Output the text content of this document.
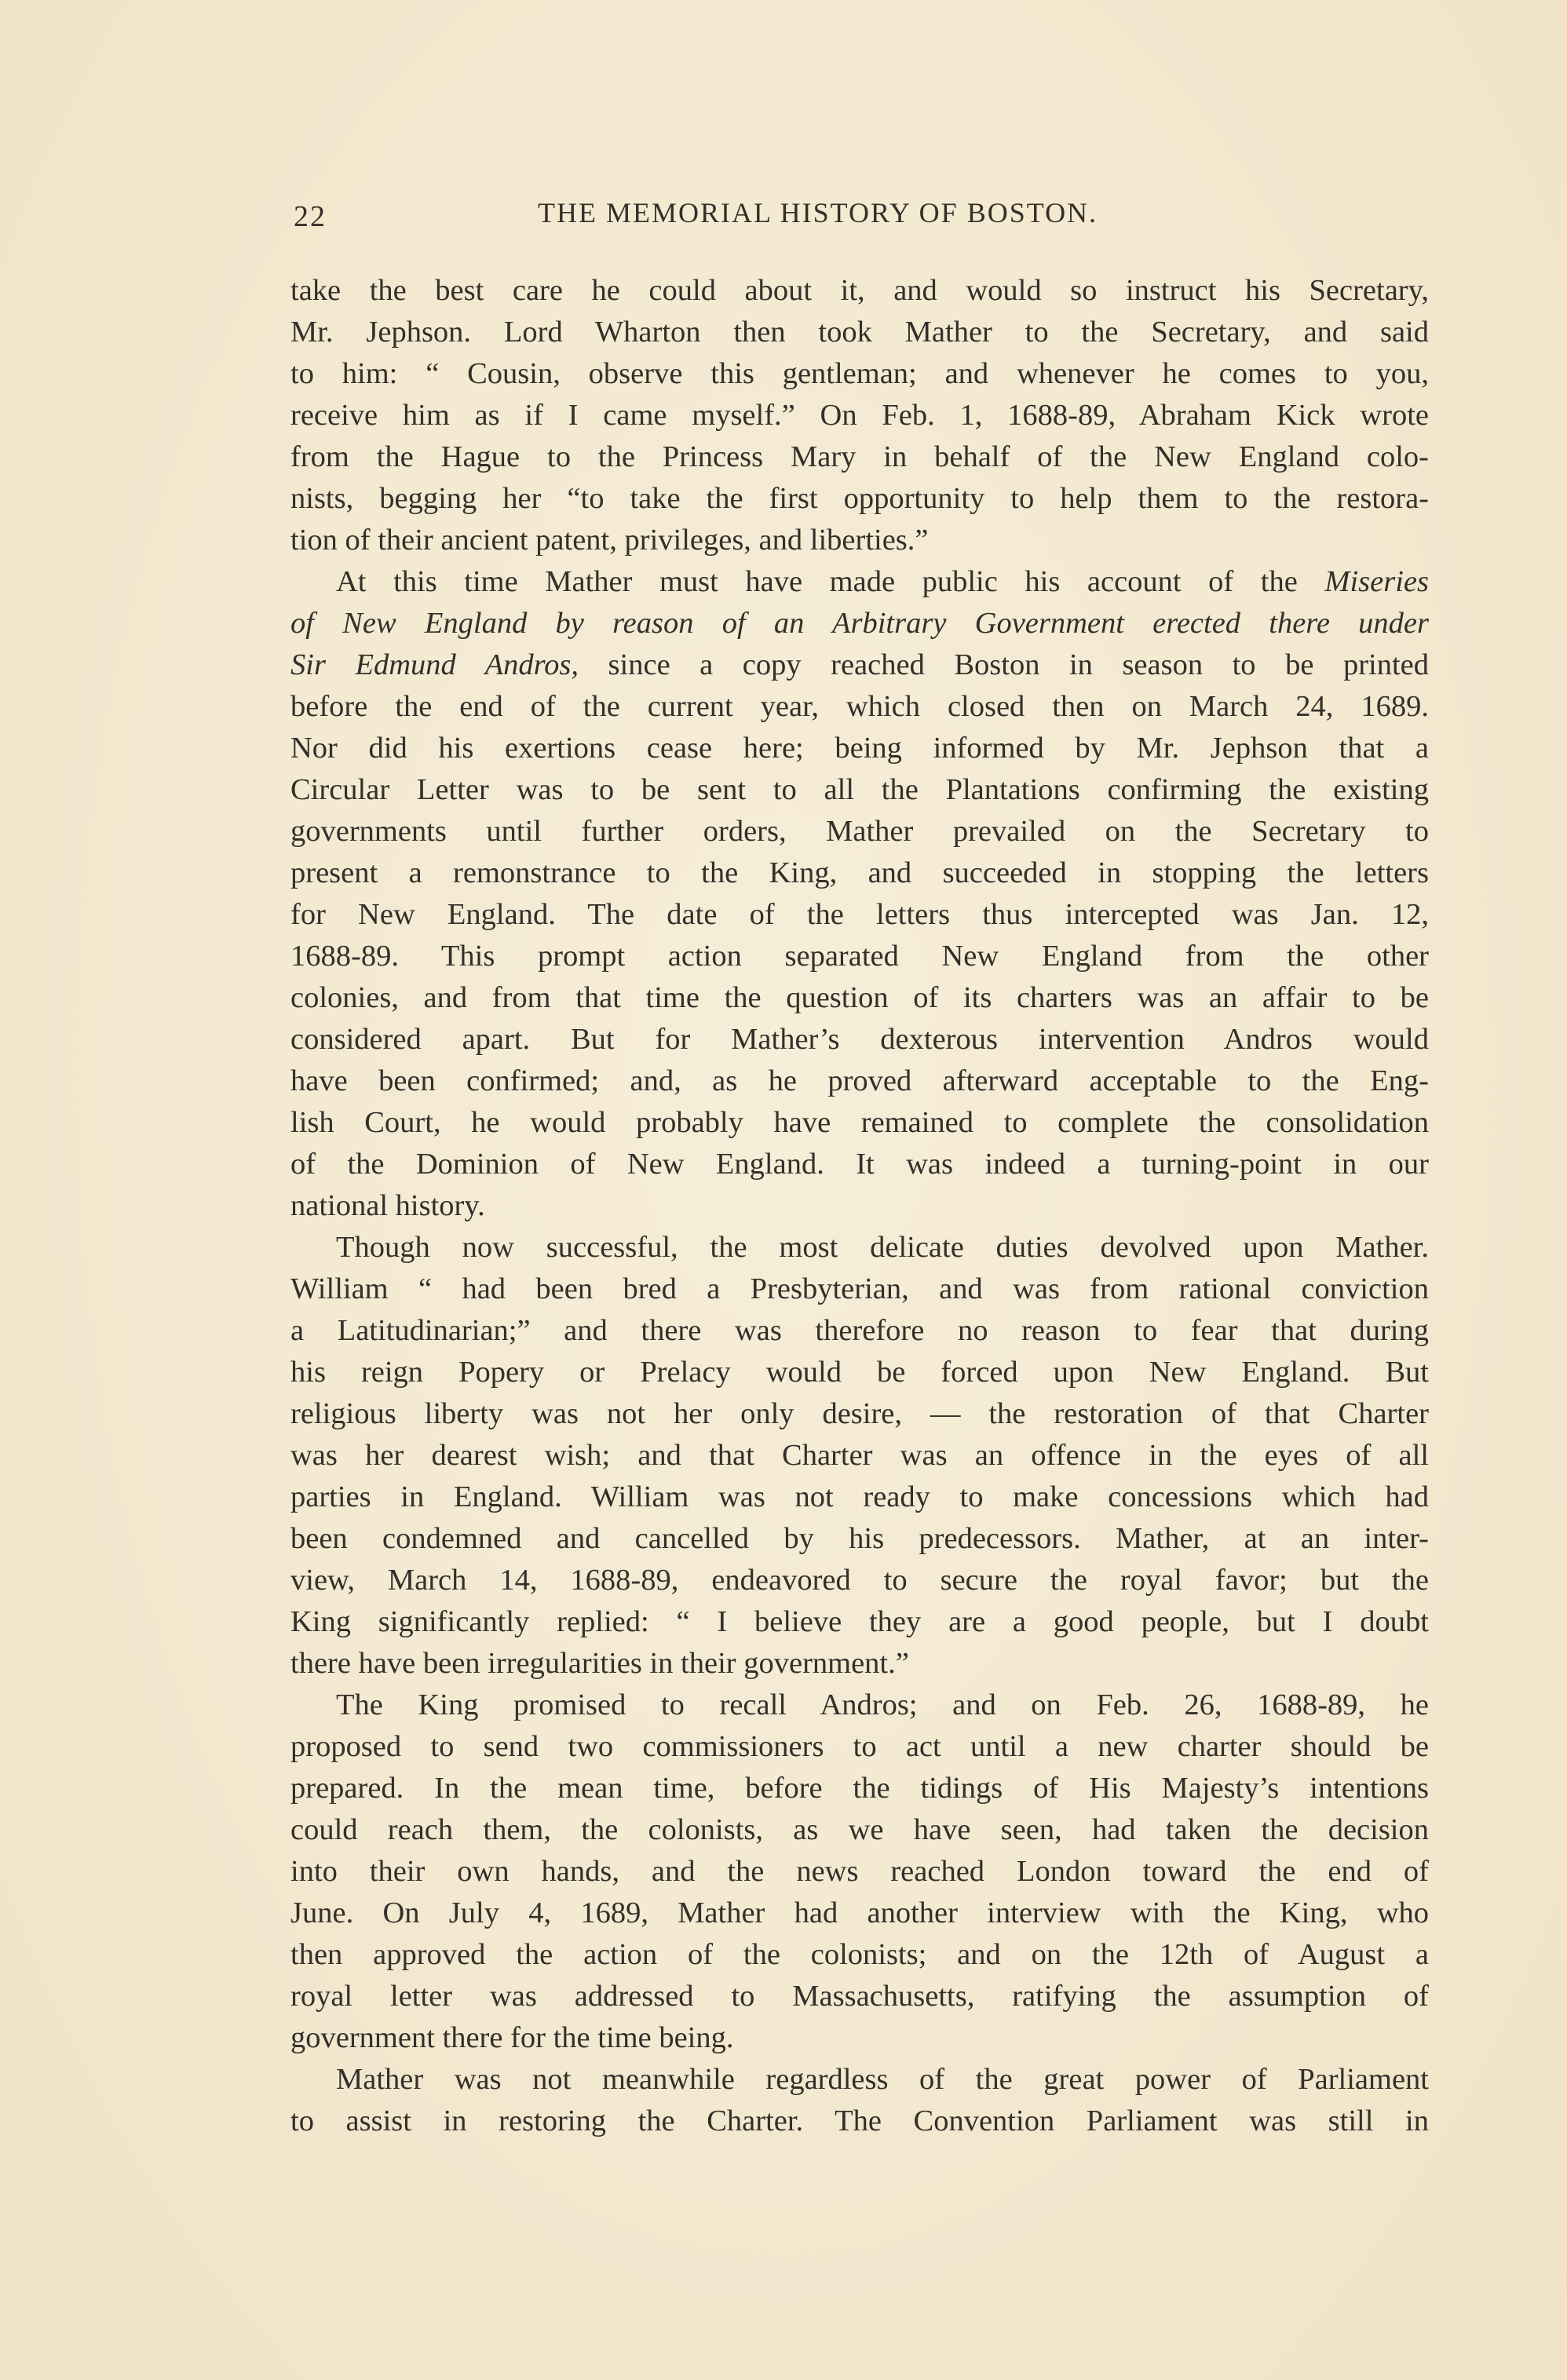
22	THE MEMORIAL HISTORY OF BOSTON.
take the best care he could about it, and would so instruct his Secretary,
Mr. Jephson. Lord Wharton then took Mather to the Secretary, and said
to him: “ Cousin, observe this gentleman; and whenever he comes to you,
receive him as if I came myself.” On Feb. 1, 1688-89, Abraham Kick wrote
from the Hague to the Princess Mary in behalf of the New England colo-
nists, begging her “to take the first opportunity to help them to the restora-
tion of their ancient patent, privileges, and liberties.”
At this time Mather must have made public his account of the Miseries
of New England by reason of an Arbitrary Government erected there under
Sir Edmund Andros, since a copy reached Boston in season to be printed
before the end of the current year, which closed then on March 24, 1689.
Nor did his exertions cease here; being informed by Mr. Jephson that a
Circular Letter was to be sent to all the Plantations confirming the existing
governments until further orders, Mather prevailed on the Secretary to
present a remonstrance to the King, and succeeded in stopping the letters
for New England. The date of the letters thus intercepted was Jan. 12,
1688-89. This prompt action separated New England from the other
colonies, and from that time the question of its charters was an affair to be
considered apart. But for Mather’s dexterous intervention Andros would
have been confirmed; and, as he proved afterward acceptable to the Eng-
lish Court, he would probably have remained to complete the consolidation
of the Dominion of New England. It was indeed a turning-point in our
national history.
Though now successful, the most delicate duties devolved upon Mather.
William “ had been bred a Presbyterian, and was from rational conviction
a Latitudinarian;” and there was therefore no reason to fear that during
his reign Popery or Prelacy would be forced upon New England. But
religious liberty was not her only desire, — the restoration of that Charter
was her dearest wish; and that Charter was an offence in the eyes of all
parties in England. William was not ready to make concessions which had
been condemned and cancelled by his predecessors. Mather, at an inter-
view, March 14, 1688-89, endeavored to secure the royal favor; but the
King significantly replied: “ I believe they are a good people, but I doubt
there have been irregularities in their government.”
The King promised to recall Andros; and on Feb. 26, 1688-89, he
proposed to send two commissioners to act until a new charter should be
prepared. In the mean time, before the tidings of His Majesty’s intentions
could reach them, the colonists, as we have seen, had taken the decision
into their own hands, and the news reached London toward the end of
June. On July 4, 1689, Mather had another interview with the King, who
then approved the action of the colonists; and on the 12th of August a
royal letter was addressed to Massachusetts, ratifying the assumption of
government there for the time being.
Mather was not meanwhile regardless of the great power of Parliament
to assist in restoring the Charter. The Convention Parliament was still in
